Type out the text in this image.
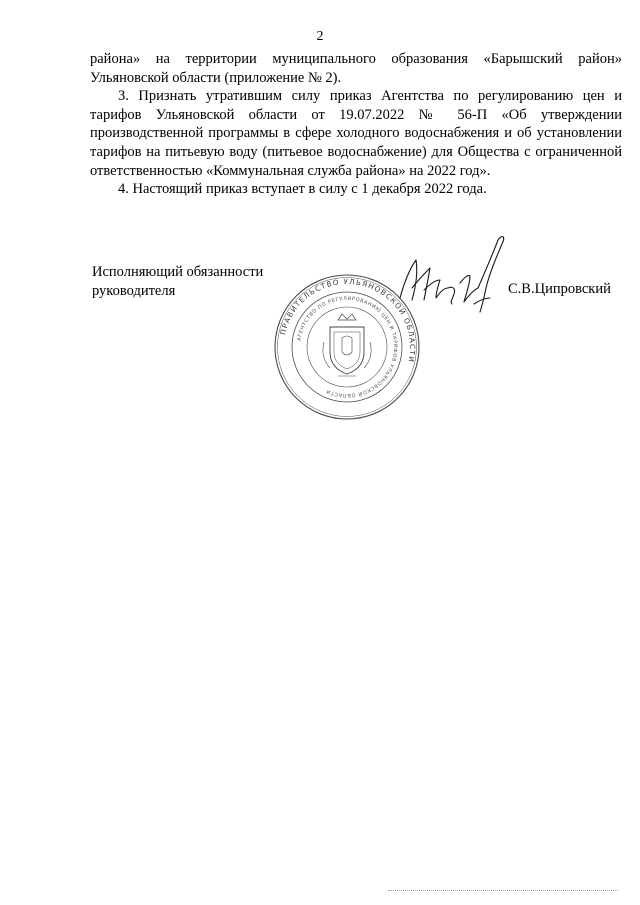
2

района» на территории муниципального образования «Барышский район» Ульяновской области (приложение № 2).

3. Признать утратившим силу приказ Агентства по регулированию цен и тарифов Ульяновской области от 19.07.2022 № 56-П «Об утверждении производственной программы в сфере холодного водоснабжения и об установлении тарифов на питьевую воду (питьевое водоснабжение) для Общества с ограниченной ответственностью «Коммунальная служба района» на 2022 год».

4. Настоящий приказ вступает в силу с 1 декабря 2022 года.

Исполняющий обязанности
руководителя
ПРАВИТЕЛЬСТВО УЛЬЯНОВСКОЙ ОБЛАСТИ
АГЕНТСТВО ПО РЕГУЛИРОВАНИЮ ЦЕН И ТАРИФОВ УЛЬЯНОВСКОЙ ОБЛАСТИ
С.В.Ципровский
